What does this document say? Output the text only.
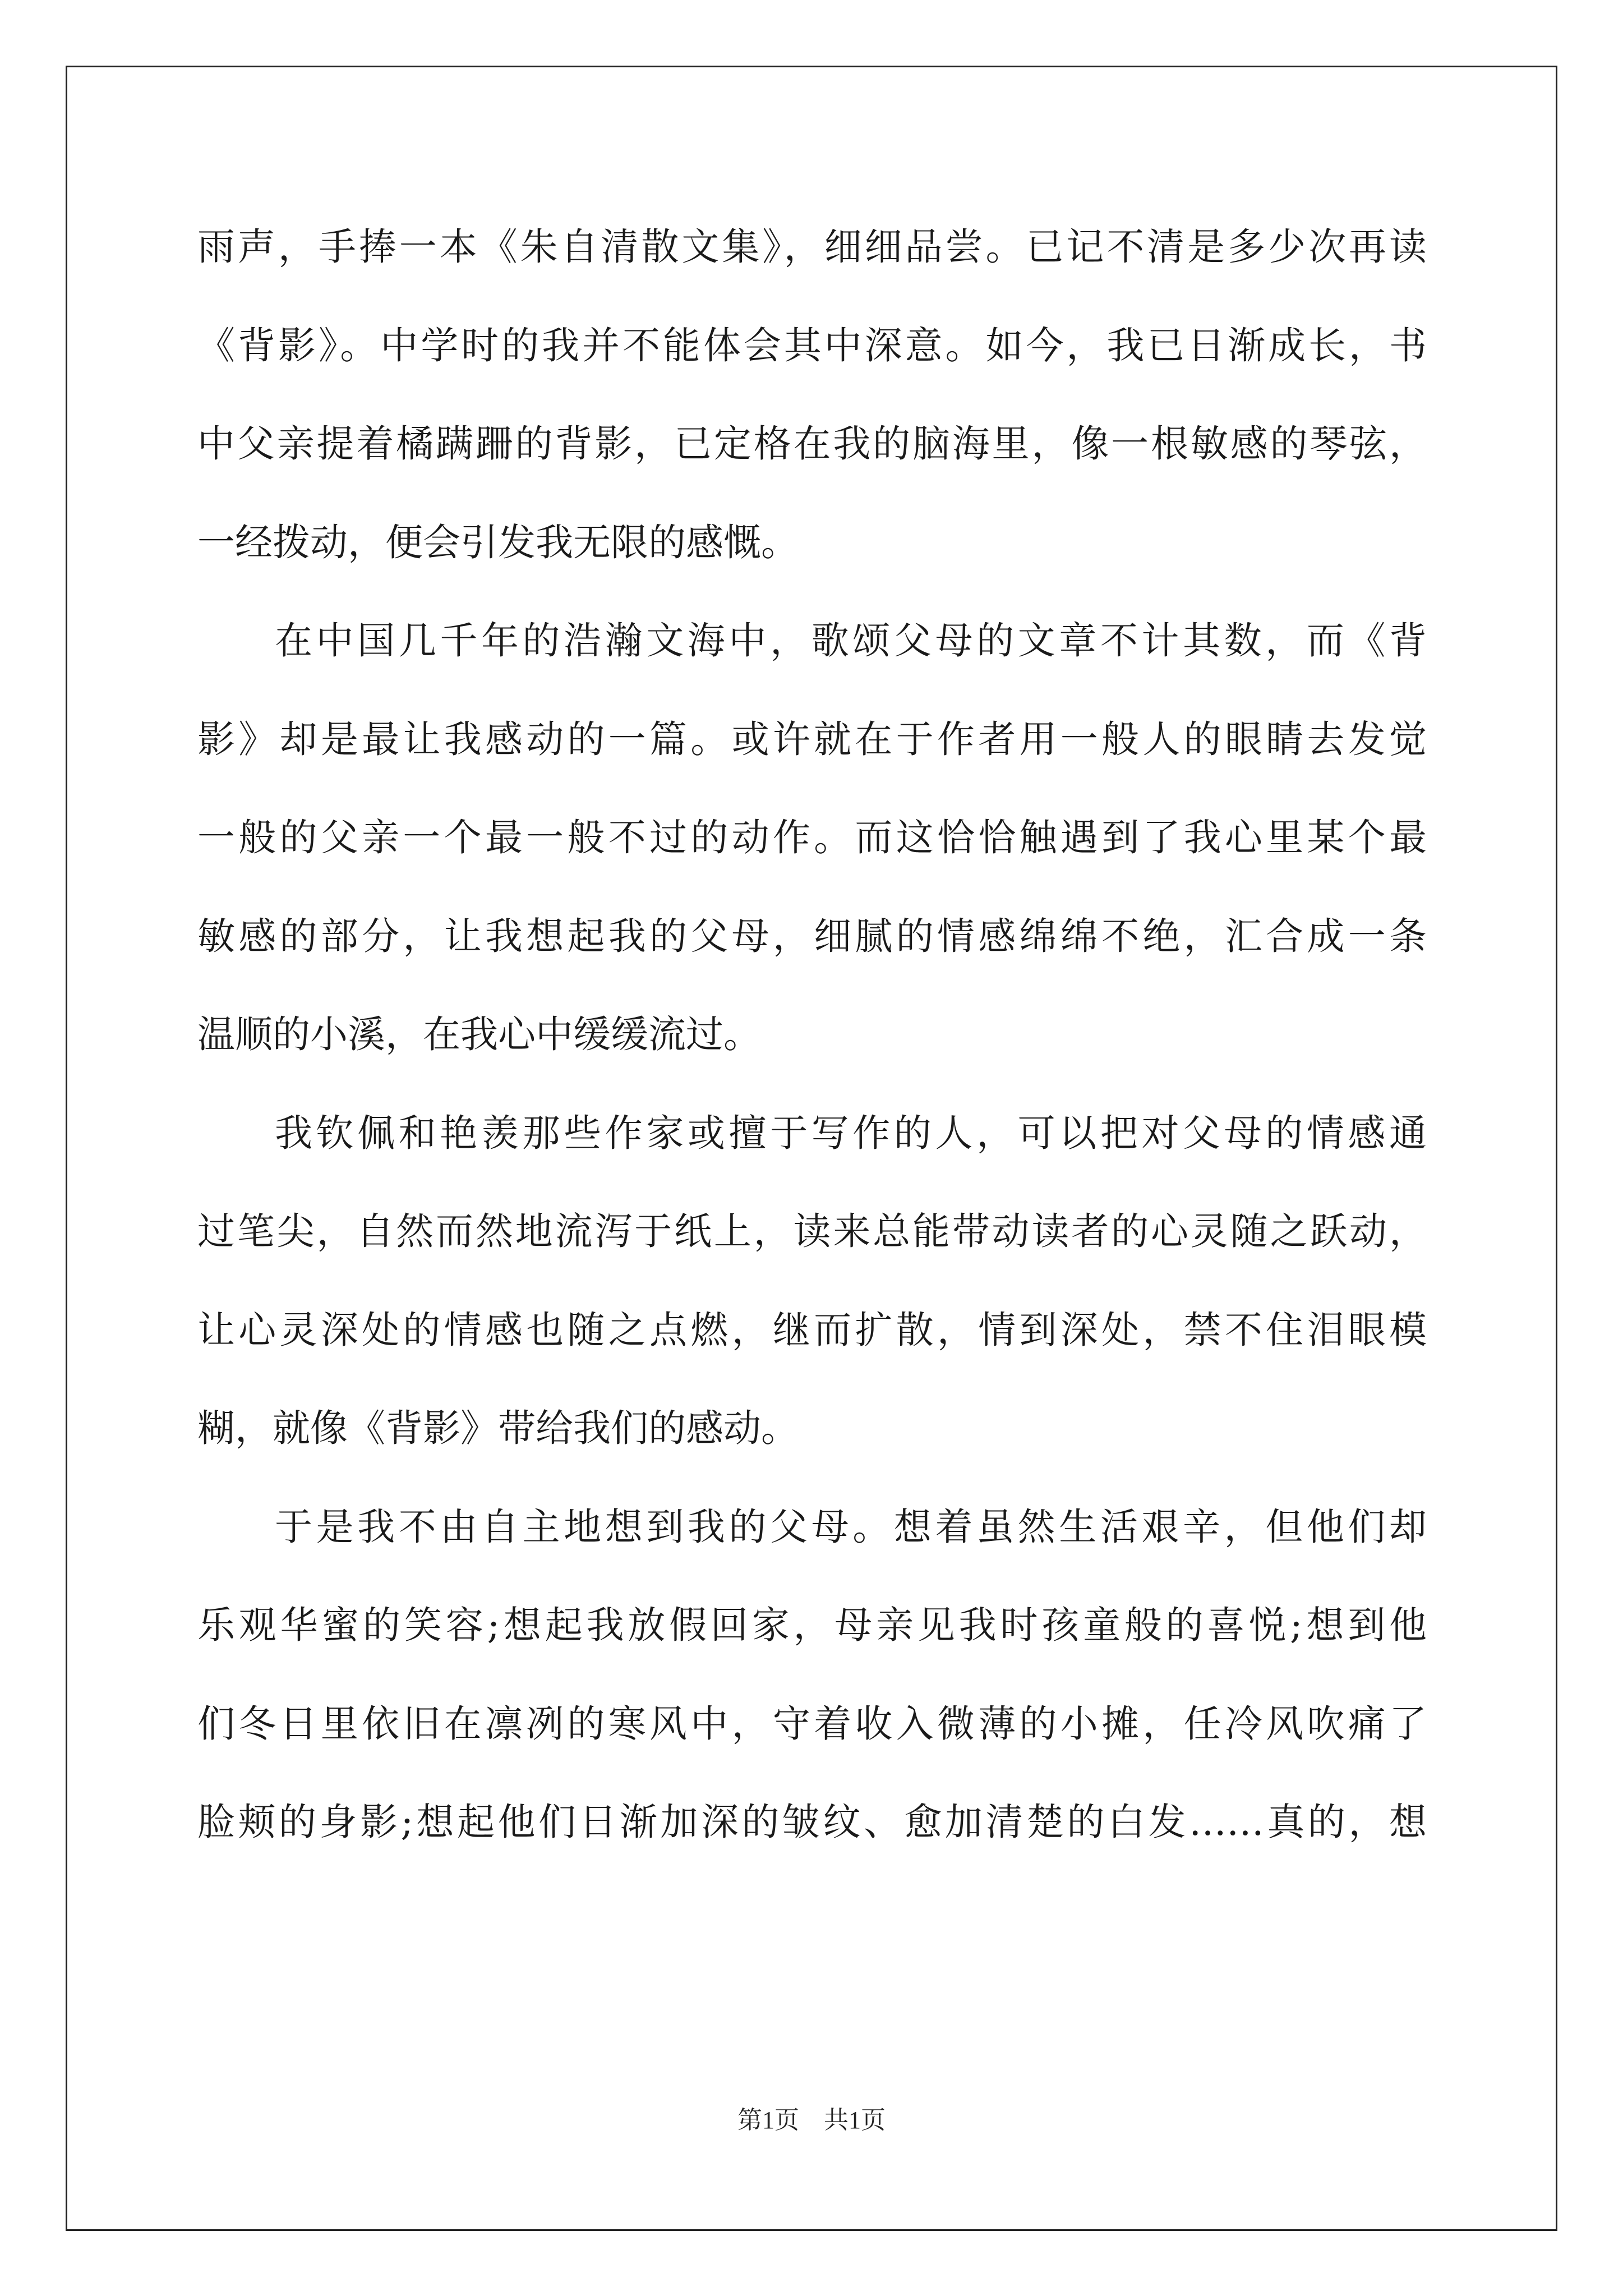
雨声，手捧一本《朱自清散文集》，细细品尝。已记不清是多少次再读
《背影》。中学时的我并不能体会其中深意。如今，我已日渐成长，书
中父亲提着橘蹒跚的背影，已定格在我的脑海里，像一根敏感的琴弦，
一经拨动，便会引发我无限的感慨。
在中国几千年的浩瀚文海中，歌颂父母的文章不计其数，而《背
影》却是最让我感动的一篇。或许就在于作者用一般人的眼睛去发觉
一般的父亲一个最一般不过的动作。而这恰恰触遇到了我心里某个最
敏感的部分，让我想起我的父母，细腻的情感绵绵不绝，汇合成一条
温顺的小溪，在我心中缓缓流过。
我钦佩和艳羡那些作家或擅于写作的人，可以把对父母的情感通
过笔尖，自然而然地流泻于纸上，读来总能带动读者的心灵随之跃动，
让心灵深处的情感也随之点燃，继而扩散，情到深处，禁不住泪眼模
糊，就像《背影》带给我们的感动。
于是我不由自主地想到我的父母。想着虽然生活艰辛，但他们却
乐观华蜜的笑容;想起我放假回家，母亲见我时孩童般的喜悦;想到他
们冬日里依旧在凛冽的寒风中，守着收入微薄的小摊，任冷风吹痛了
脸颊的身影;想起他们日渐加深的皱纹、愈加清楚的白发……真的，想
第1页 共1页
